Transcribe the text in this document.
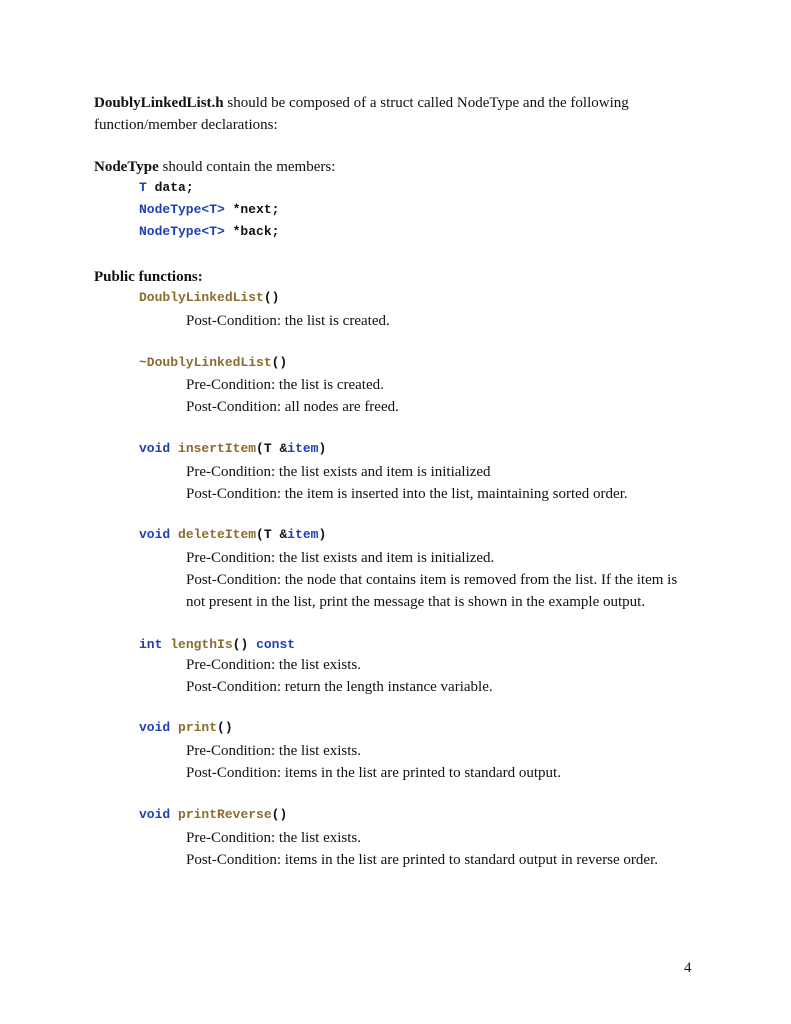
DoublyLinkedList.h should be composed of a struct called NodeType and the following
function/member declarations:
NodeType should contain the members:
T data;
NodeType<T> *next;
NodeType<T> *back;
Public functions:
DoublyLinkedList()
Post-Condition: the list is created.
~DoublyLinkedList()
Pre-Condition: the list is created.
Post-Condition: all nodes are freed.
void insertItem(T &item)
Pre-Condition: the list exists and item is initialized
Post-Condition: the item is inserted into the list, maintaining sorted order.
void deleteItem(T &item)
Pre-Condition: the list exists and item is initialized.
Post-Condition: the node that contains item is removed from the list. If the item is
not present in the list, print the message that is shown in the example output.
int lengthIs() const
Pre-Condition: the list exists.
Post-Condition: return the length instance variable.
void print()
Pre-Condition: the list exists.
Post-Condition: items in the list are printed to standard output.
void printReverse()
Pre-Condition: the list exists.
Post-Condition: items in the list are printed to standard output in reverse order.
4
